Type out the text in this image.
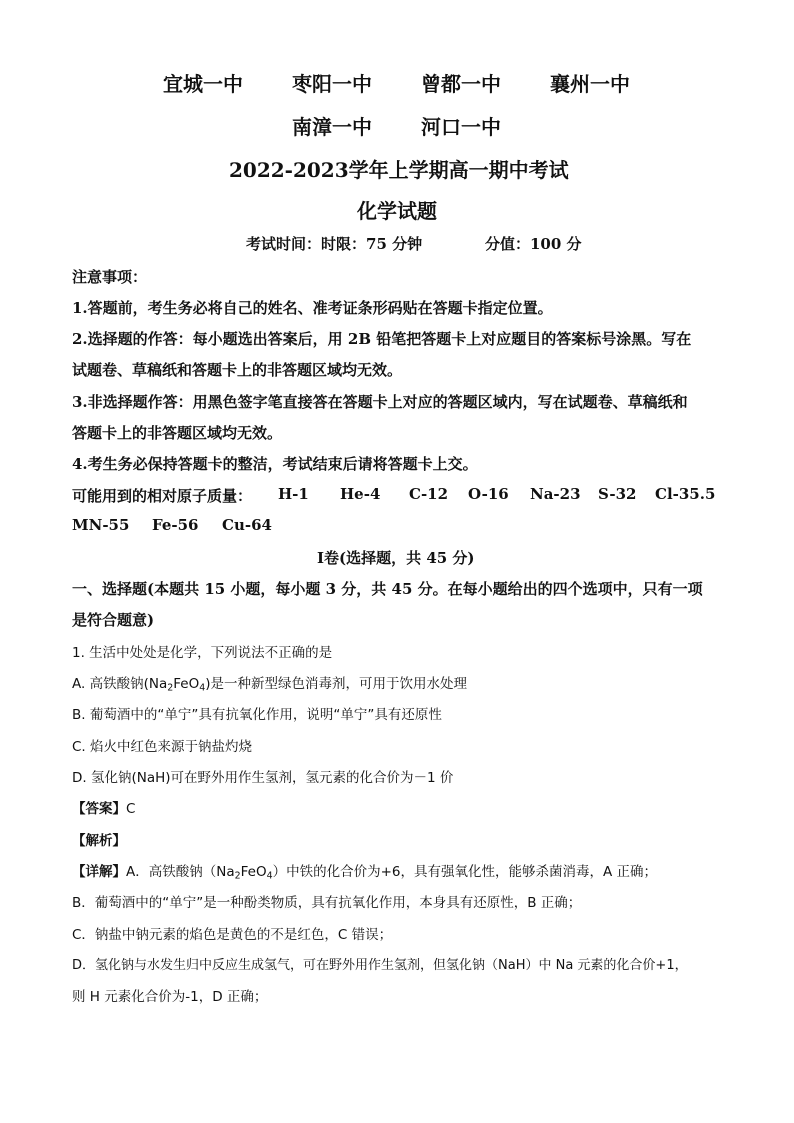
宜城一中 枣阳一中 曾都一中 襄州一中
南漳一中 河口一中
2022-2023学年上学期高一期中考试
化学试题
考试时间：时限：75 分钟	分值：100 分
注意事项：
1.答题前，考生务必将自己的姓名、准考证条形码贴在答题卡指定位置。
2.选择题的作答：每小题选出答案后，用 2B 铅笔把答题卡上对应题目的答案标号涂黑。写在
试题卷、草稿纸和答题卡上的非答题区域均无效。
3.非选择题作答：用黑色签字笔直接答在答题卡上对应的答题区域内，写在试题卷、草稿纸和
答题卡上的非答题区域均无效。
4.考生务必保持答题卡的整洁，考试结束后请将答题卡上交。
可能用到的相对原子质量： H-1 He-4 C-12 O-16 Na-23 S-32 Cl-35.5
MN-55 Fe-56 Cu-64
Ⅰ卷(选择题，共 45 分)
一、选择题(本题共 15 小题，每小题 3 分，共 45 分。在每小题给出的四个选项中，只有一项
是符合题意)
1. 生活中处处是化学，下列说法不正确的是
A. 高铁酸钠$(Na_2FeO_4)$是一种新型绿色消毒剂，可用于饮用水处理
B. 葡萄酒中的“单宁”具有抗氧化作用，说明“单宁”具有还原性
C. 焰火中红色来源于钠盐灼烧
D. 氢化钠(NaH)可在野外用作生氢剂，氢元素的化合价为－1 价
【答案】C
【解析】
【详解】A．高铁酸钠$(Na_2FeO_4)$中铁的化合价为+6，具有强氧化性，能够杀菌消毒，A 正确；
B．葡萄酒中的“单宁”是一种酚类物质，具有抗氧化作用，本身具有还原性，B 正确；
C．钠盐中钠元素的焰色是黄色的不是红色，C 错误；
D．氢化钠与水发生归中反应生成氢气，可在野外用作生氢剂，但氢化钠（NaH）中 Na 元素的化合价+1，
则 H 元素化合价为-1，D 正确；
